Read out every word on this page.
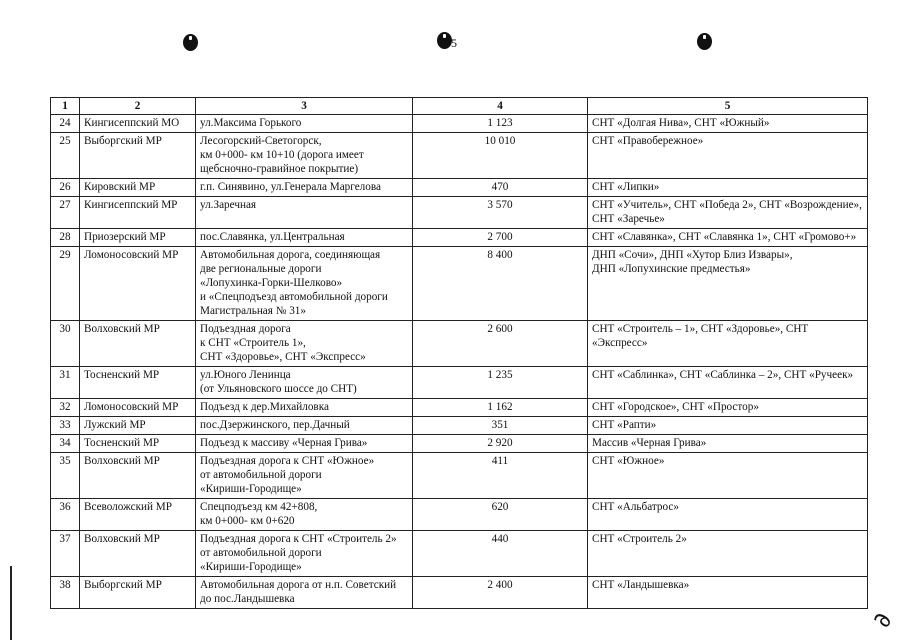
5
∂
1	2	3	4	5
24	Кингисеппский МО	ул.Максима Горького	1 123	СНТ «Долгая Нива», СНТ «Южный»
25	Выборгский МР	Лесогорский-Светогорск,
км 0+000- км 10+10 (дорога имеет
щебсночно-гравийное покрытие)	10 010	СНТ «Правобережное»
26	Кировский МР	г.п. Синявино, ул.Генерала Маргелова	470	СНТ «Липки»
27	Кингисеппский МР	ул.Заречная	3 570	СНТ «Учитель», СНТ «Победа 2», СНТ «Возрождение»,
СНТ «Заречье»
28	Приозерский МР	пос.Славянка, ул.Центральная	2 700	СНТ «Славянка», СНТ «Славянка 1», СНТ «Громово+»
29	Ломоносовский МР	Автомобильная дорога, соединяющая
две региональные дороги
«Лопухинка-Горки-Шелково»
и «Спецподъезд автомобильной дороги
Магистральная № 31»	8 400	ДНП «Сочи», ДНП «Хутор Близ Извары»,
ДНП «Лопухинские предместья»
30	Волховский МР	Подъездная дорога
к СНТ «Строитель 1»,
СНТ «Здоровье», СНТ «Экспресс»	2 600	СНТ «Строитель – 1», СНТ «Здоровье», СНТ «Экспресс»
31	Тосненский МР	ул.Юного Ленинца
(от Ульяновского шоссе до СНТ)	1 235	СНТ «Саблинка», СНТ «Саблинка – 2», СНТ «Ручеек»
32	Ломоносовский МР	Подъезд к дер.Михайловка	1 162	СНТ «Городское», СНТ «Простор»
33	Лужский МР	пос.Дзержинского, пер.Дачный	351	СНТ «Рапти»
34	Тосненский МР	Подъезд к массиву «Черная Грива»	2 920	Массив «Черная Грива»
35	Волховский МР	Подъездная дорога к СНТ «Южное»
от автомобильной дороги
«Кириши-Городище»	411	СНТ «Южное»
36	Всеволожский МР	Спецподъезд км 42+808,
км 0+000- км 0+620	620	СНТ «Альбатрос»
37	Волховский МР	Подъездная дорога к СНТ «Строитель 2»
от автомобильной дороги
«Кириши-Городище»	440	СНТ «Строитель 2»
38	Выборгский МР	Автомобильная дорога от н.п. Советский
до пос.Ландышевка	2 400	СНТ «Ландышевка»
